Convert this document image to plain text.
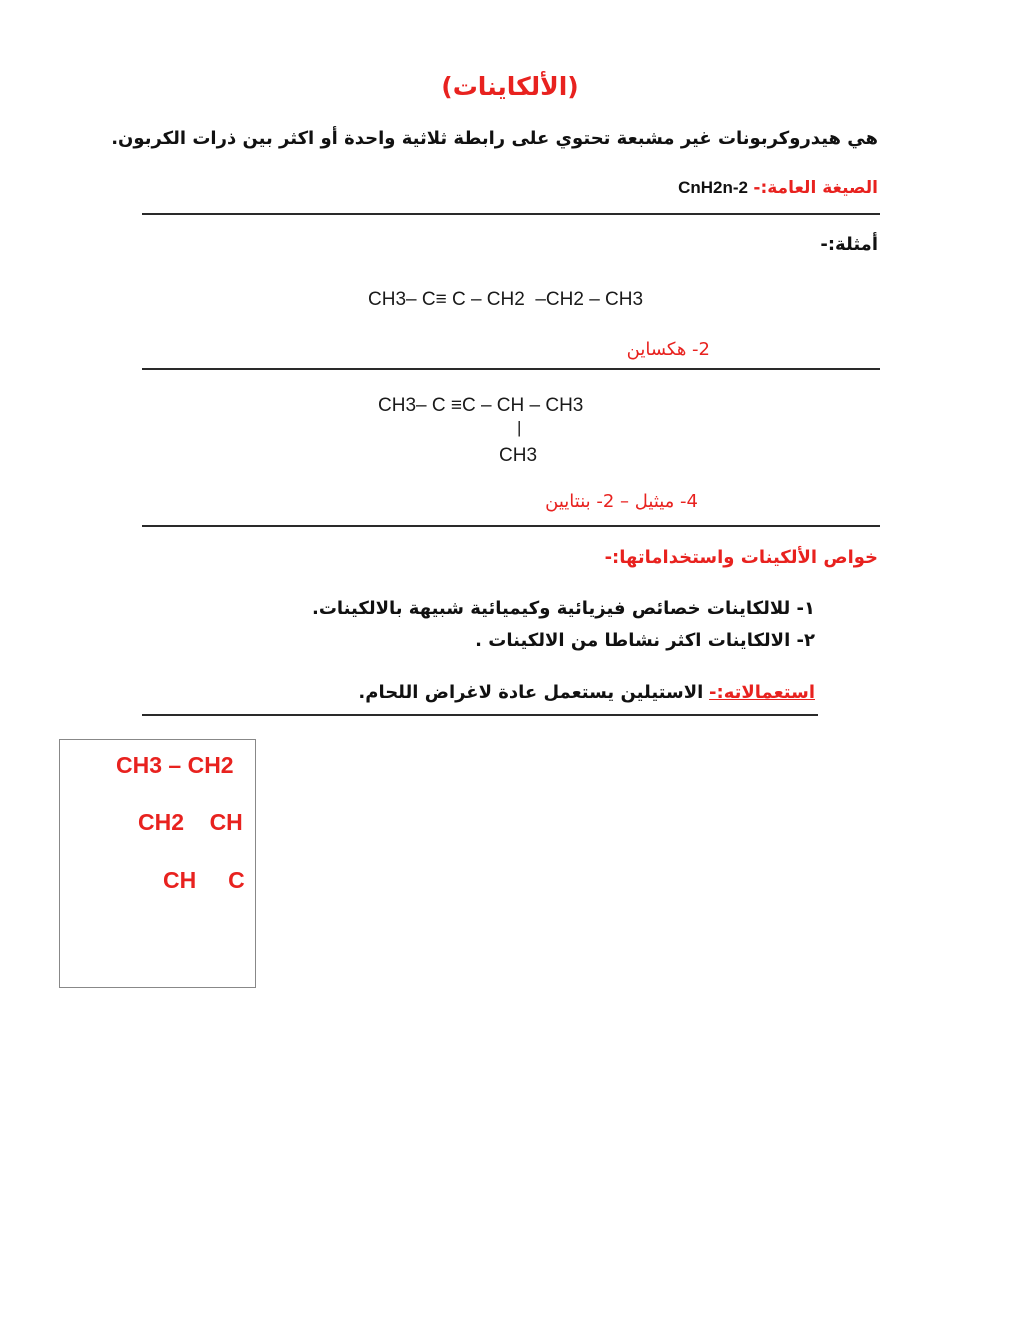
(الألكاينات)
هي هيدروكربونات غير مشبعة تحتوي على رابطة ثلاثية واحدة أو اكثر بين ذرات الكربون.
الصيغة العامة:- CnH2n-2
أمثلة:-
CH3– C≡ C – CH2  –CH2 – CH3
2- هكساين
CH3– C ≡C – CH – CH3
|
CH3
4- ميثيل – 2- بنتايين
خواص الألكينات واستخداماتها:-
١- للالكاينات خصائص فيزيائية وكيميائية شبيهة بالالكينات.
٢- الالكاينات اكثر نشاطا من الالكينات .
استعمالاته:- الاستيلين يستعمل عادة لاغراض اللحام.
CH3 – CH2
CH2    CH
CH     C
